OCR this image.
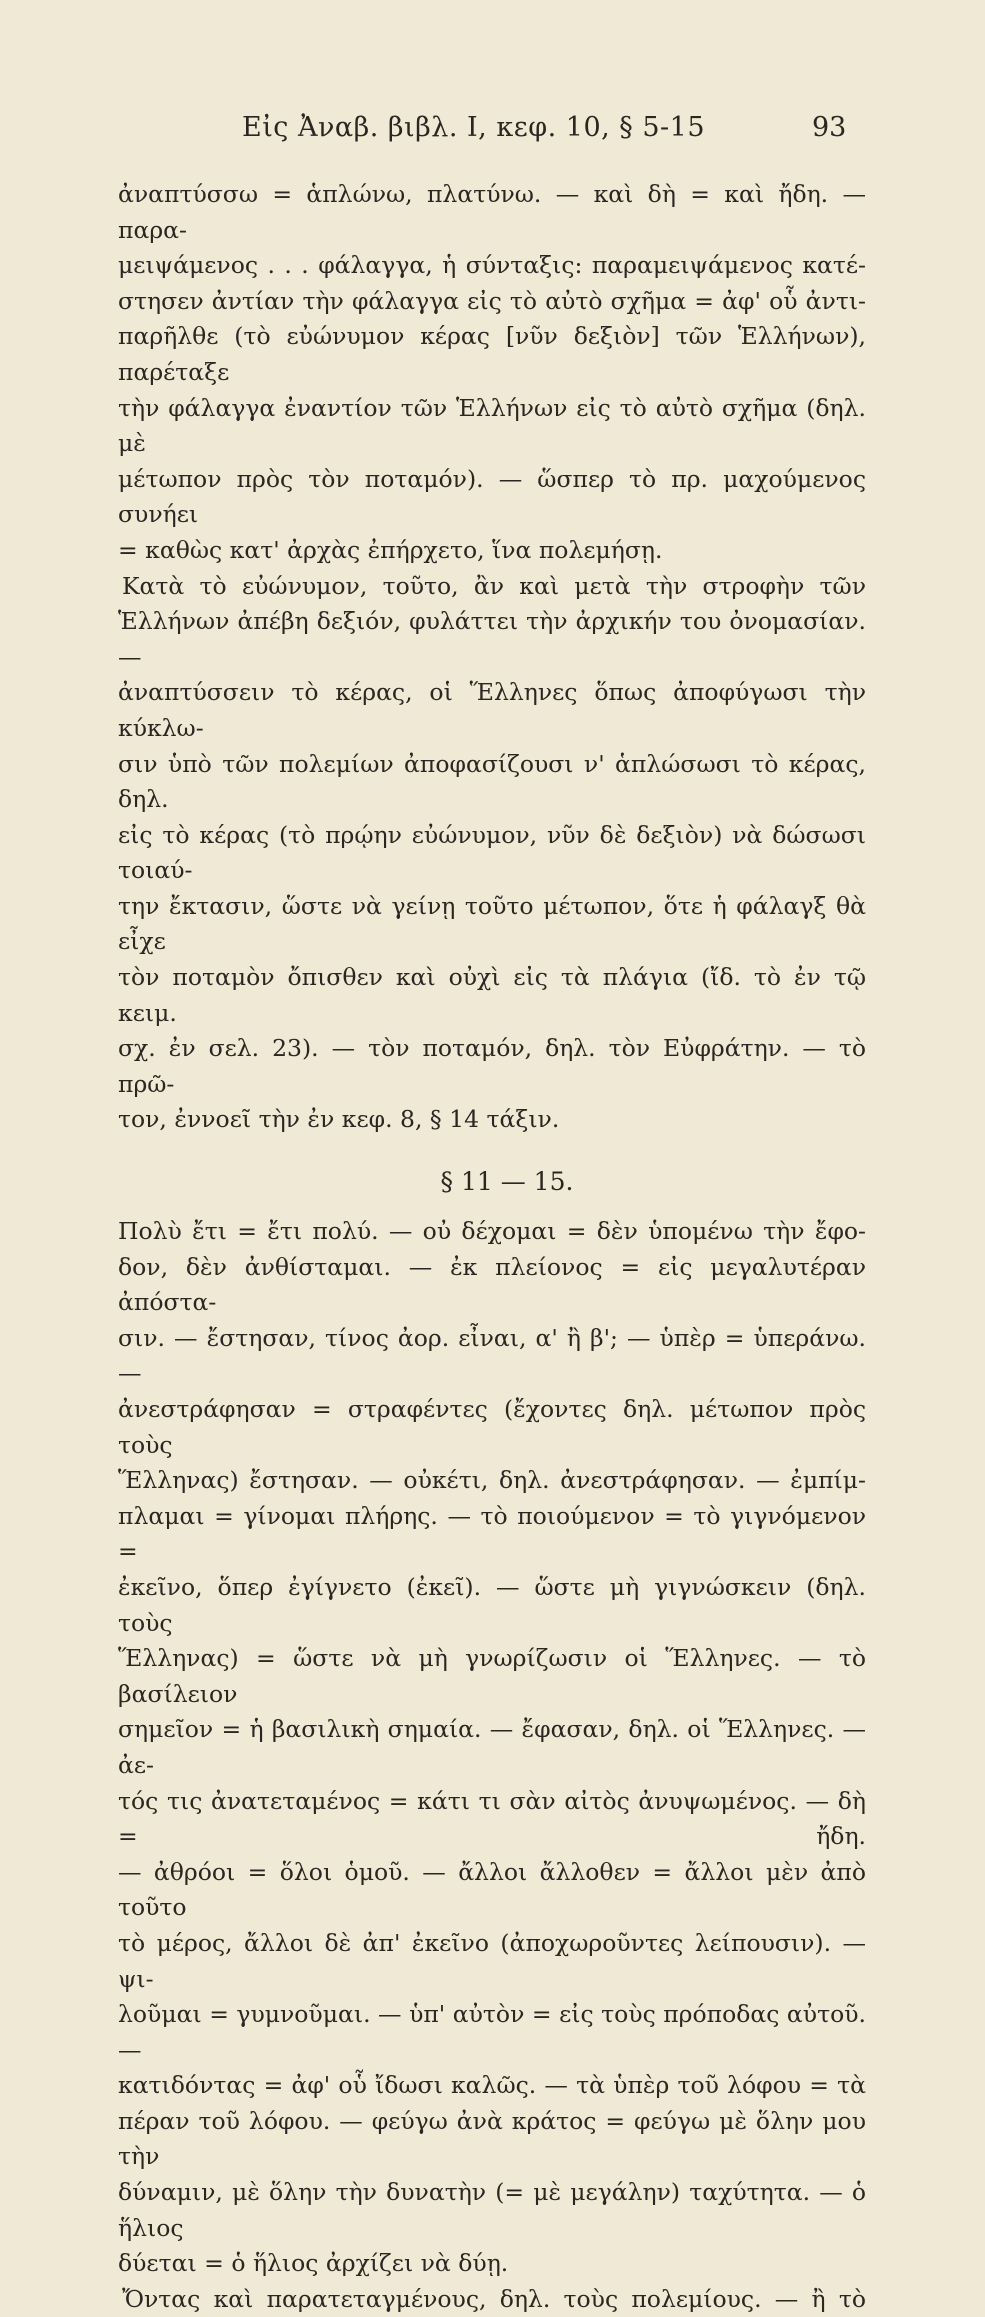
Εἰς Ἀναβ. βιβλ. Ι, κεφ. 10, § 5-15	93
ἀναπτύσσω = ἁπλώνω, πλατύνω. — καὶ δὴ = καὶ ἤδη. — παρα-
μειψάμενος . . . φάλαγγα, ἡ σύνταξις: παραμειψάμενος κατέ-
στησεν ἀντίαν τὴν φάλαγγα εἰς τὸ αὐτὸ σχῆμα = ἀφ' οὗ ἀντι-
παρῆλθε (τὸ εὐώνυμον κέρας [νῦν δεξιὸν] τῶν Ἑλλήνων), παρέταξε
τὴν φάλαγγα ἐναντίον τῶν Ἑλλήνων εἰς τὸ αὐτὸ σχῆμα (δηλ. μὲ
μέτωπον πρὸς τὸν ποταμόν). — ὥσπερ τὸ πρ. μαχούμενος συνήει
= καθὼς κατ' ἀρχὰς ἐπήρχετο, ἵνα πολεμήσῃ.
Κατὰ τὸ εὐώνυμον, τοῦτο, ἂν καὶ μετὰ τὴν στροφὴν τῶν
Ἑλλήνων ἀπέβη δεξιόν, φυλάττει τὴν ἀρχικήν του ὀνομασίαν. —
ἀναπτύσσειν τὸ κέρας, οἱ Ἕλληνες ὅπως ἀποφύγωσι τὴν κύκλω-
σιν ὑπὸ τῶν πολεμίων ἀποφασίζουσι ν' ἁπλώσωσι τὸ κέρας, δηλ.
εἰς τὸ κέρας (τὸ πρῴην εὐώνυμον, νῦν δὲ δεξιὸν) νὰ δώσωσι τοιαύ-
την ἔκτασιν, ὥστε νὰ γείνῃ τοῦτο μέτωπον, ὅτε ἡ φάλαγξ θὰ εἶχε
τὸν ποταμὸν ὄπισθεν καὶ οὐχὶ εἰς τὰ πλάγια (ἴδ. τὸ ἐν τῷ κειμ.
σχ. ἐν σελ. 23). — τὸν ποταμόν, δηλ. τὸν Εὐφράτην. — τὸ πρῶ-
τον, ἐννοεῖ τὴν ἐν κεφ. 8, § 14 τάξιν.
§ 11 — 15.
Πολὺ ἔτι = ἔτι πολύ. — οὐ δέχομαι = δὲν ὑπομένω τὴν ἔφο-
δον, δὲν ἀνθίσταμαι. — ἐκ πλείονος = εἰς μεγαλυτέραν ἀπόστα-
σιν. — ἔστησαν, τίνος ἀορ. εἶναι, α' ἢ β'; — ὑπὲρ = ὑπεράνω. —
ἀνεστράφησαν = στραφέντες (ἔχοντες δηλ. μέτωπον πρὸς τοὺς
Ἕλληνας) ἔστησαν. — οὐκέτι, δηλ. ἀνεστράφησαν. — ἐμπίμ-
πλαμαι = γίνομαι πλήρης. — τὸ ποιούμενον = τὸ γιγνόμενον =
ἐκεῖνο, ὅπερ ἐγίγνετο (ἐκεῖ). — ὥστε μὴ γιγνώσκειν (δηλ. τοὺς
Ἕλληνας) = ὥστε νὰ μὴ γνωρίζωσιν οἱ Ἕλληνες. — τὸ βασίλειον
σημεῖον = ἡ βασιλικὴ σημαία. — ἔφασαν, δηλ. οἱ Ἕλληνες. — ἀε-
τός τις ἀνατεταμένος = κάτι τι σὰν αἰτὸς ἀνυψωμένος. — δὴ = ἤδη.
— ἀθρόοι = ὅλοι ὁμοῦ. — ἄλλοι ἄλλοθεν = ἄλλοι μὲν ἀπὸ τοῦτο
τὸ μέρος, ἄλλοι δὲ ἀπ' ἐκεῖνο (ἀποχωροῦντες λείπουσιν). — ψι-
λοῦμαι = γυμνοῦμαι. — ὑπ' αὐτὸν = εἰς τοὺς πρόποδας αὐτοῦ. —
κατιδόντας = ἀφ' οὗ ἴδωσι καλῶς. — τὰ ὑπὲρ τοῦ λόφου = τὰ
πέραν τοῦ λόφου. — φεύγω ἀνὰ κράτος = φεύγω μὲ ὅλην μου τὴν
δύναμιν, μὲ ὅλην τὴν δυνατὴν (= μὲ μεγάλην) ταχύτητα. — ὁ ἥλιος
δύεται = ὁ ἥλιος ἀρχίζει νὰ δύῃ.
Ὄντας καὶ παρατεταγμένους, δηλ. τοὺς πολεμίους. — ἢ τὸ
